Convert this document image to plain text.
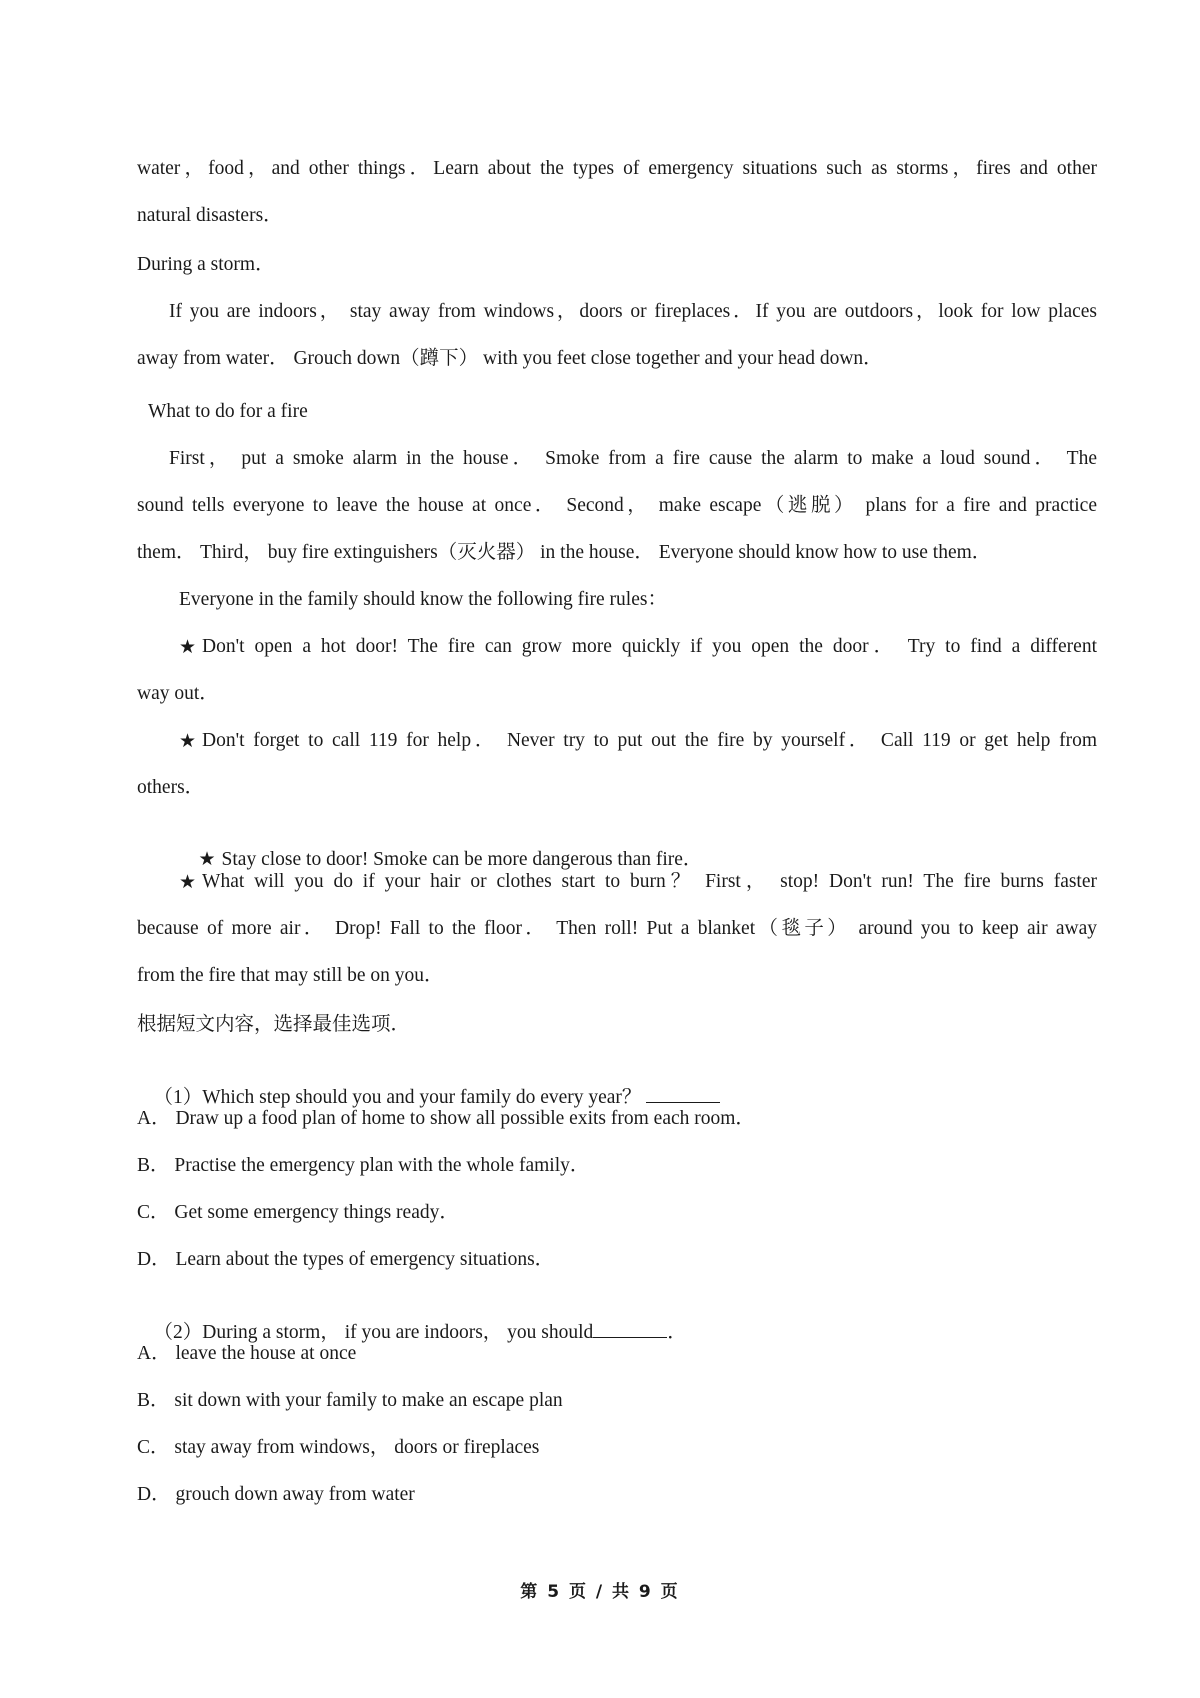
water，food，and other things．Learn about the types of emergency situations such as storms，fires and other
natural disasters．
During a storm．
If you are indoors， stay away from windows，doors or fireplaces．If you are outdoors，look for low places
away from water． Grouch down（蹲下） with you feet close together and your head down．
What to do for a fire
First， put a smoke alarm in the house． Smoke from a fire cause the alarm to make a loud sound． The
sound tells everyone to leave the house at once． Second， make escape（逃脱） plans for a fire and practice
them． Third， buy fire extinguishers（灭火器） in the house． Everyone should know how to use them．
Everyone in the family should know the following fire rules：
★ Don't open a hot door! The fire can grow more quickly if you open the door． Try to find a different
way out．
★ Don't forget to call 119 for help． Never try to put out the fire by yourself． Call 119 or get help from
others．

★ Stay close to door! Smoke can be more dangerous than fire．

★ What will you do if your hair or clothes start to burn？ First， stop! Don't run! The fire burns faster
because of more air． Drop! Fall to the floor． Then roll! Put a blanket（毯子） around you to keep air away
from the fire that may still be on you．
根据短文内容，选择最佳选项．

（1）Which step should you and your family do every year？

A． Draw up a food plan of home to show all possible exits from each room．
B． Practise the emergency plan with the whole family．
C． Get some emergency things ready．
D． Learn about the types of emergency situations．

（2）During a storm， if you are indoors， you should	．

A． leave the house at once
B． sit down with your family to make an escape plan
C． stay away from windows， doors or fireplaces
D． grouch down away from water
第 5 页 / 共 9 页
